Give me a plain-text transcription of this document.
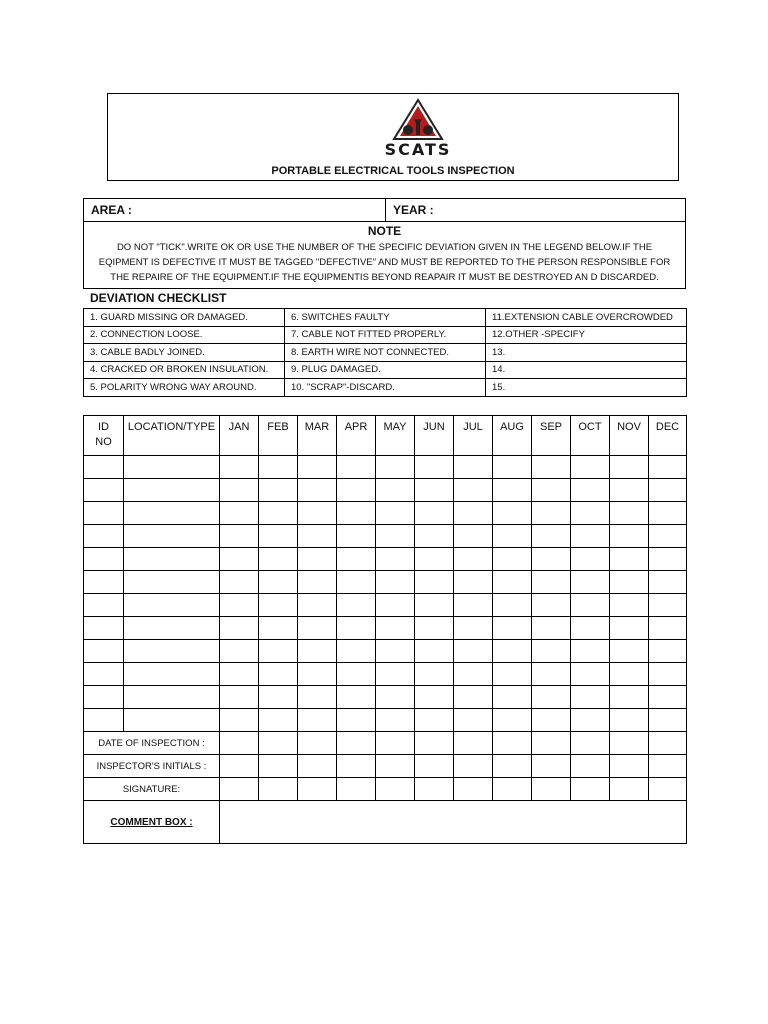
SCATS
PORTABLE ELECTRICAL TOOLS INSPECTION
AREA :	YEAR :
NOTE
DO NOT "TICK".WRITE OK OR USE THE NUMBER OF THE SPECIFIC DEVIATION GIVEN IN THE LEGEND BELOW.IF THE EQIPMENT IS DEFECTIVE IT MUST BE TAGGED "DEFECTIVE" AND MUST BE REPORTED TO THE PERSON RESPONSIBLE FOR THE REPAIRE OF THE EQUIPMENT.IF THE EQUIPMENTIS BEYOND REAPAIR IT MUST BE DESTROYED AN D DISCARDED.
DEVIATION CHECKLIST
1. GUARD MISSING OR DAMAGED.	6. SWITCHES FAULTY	11.EXTENSION CABLE OVERCROWDED
2. CONNECTION LOOSE.	7. CABLE NOT FITTED PROPERLY.	12.OTHER -SPECIFY
3. CABLE BADLY JOINED.	8. EARTH WIRE NOT CONNECTED.	13.
4. CRACKED OR BROKEN INSULATION.	9. PLUG DAMAGED.	14.
5. POLARITY WRONG WAY AROUND.	10. "SCRAP"-DISCARD.	15.
ID NO	LOCATION/TYPE	JAN	FEB	MAR	APR	MAY	JUN	JUL	AUG	SEP	OCT	NOV	DEC

DATE OF INSPECTION :													
INSPECTOR'S INITIALS :													
SIGNATURE:													
COMMENT BOX :													
